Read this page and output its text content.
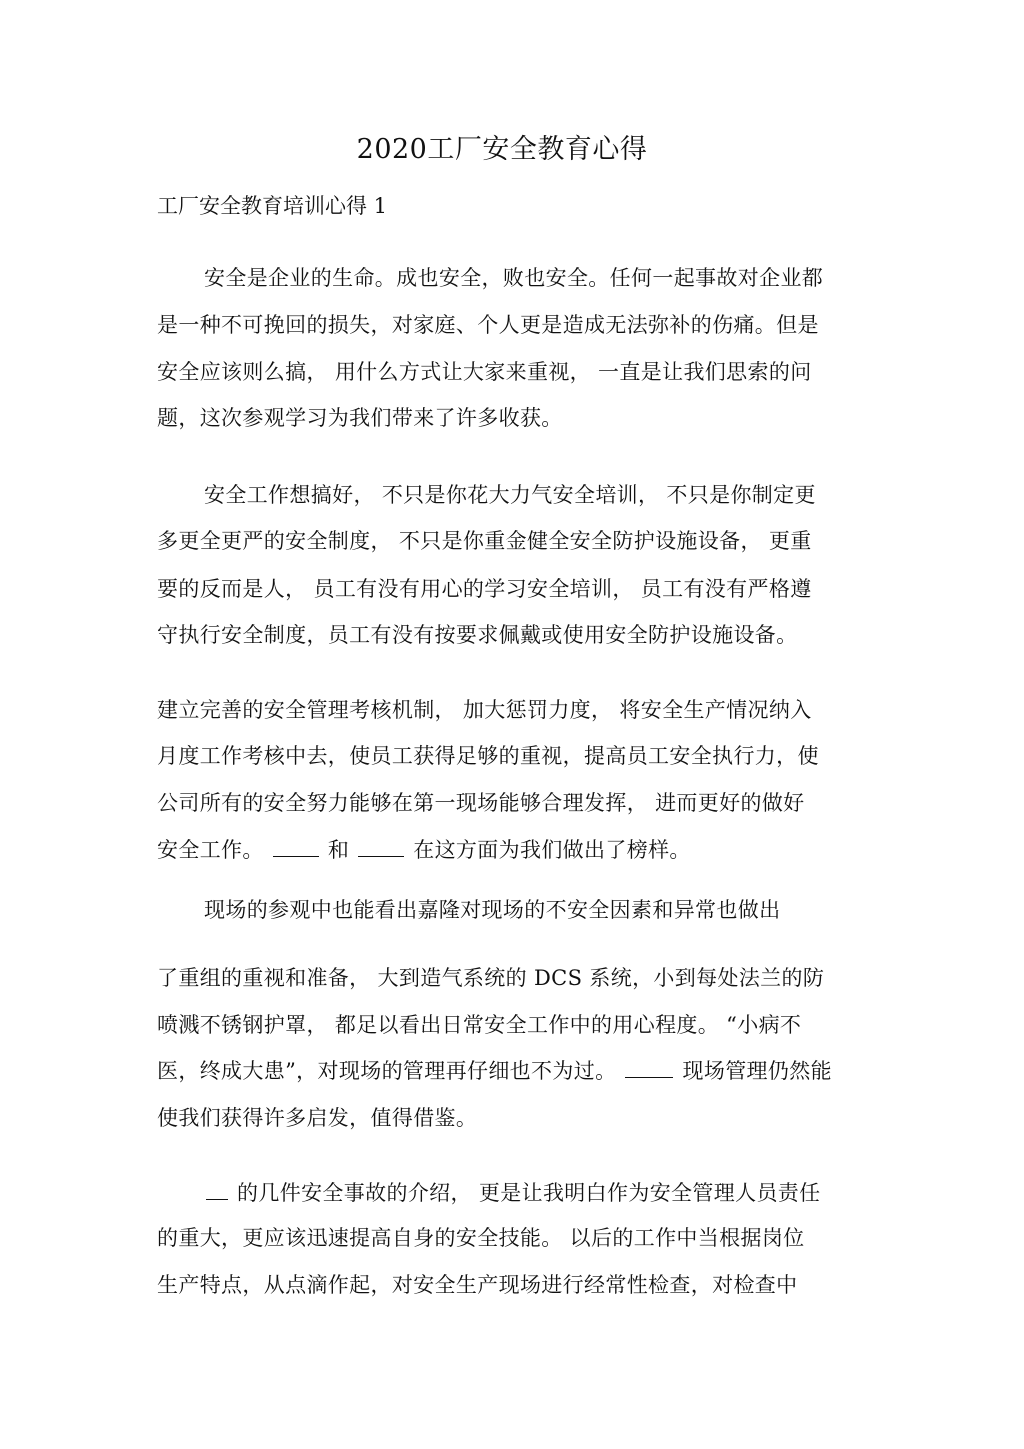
2020工厂安全教育心得
工厂安全教育培训心得 1
安全是企业的生命。成也安全，败也安全。任何一起事故对企业都
是一种不可挽回的损失，对家庭、个人更是造成无法弥补的伤痛。但是
安全应该则么搞， 用什么方式让大家来重视， 一直是让我们思索的问
题，这次参观学习为我们带来了许多收获。
安全工作想搞好， 不只是你花大力气安全培训， 不只是你制定更
多更全更严的安全制度， 不只是你重金健全安全防护设施设备， 更重
要的反而是人， 员工有没有用心的学习安全培训， 员工有没有严格遵
守执行安全制度，员工有没有按要求佩戴或使用安全防护设施设备。
建立完善的安全管理考核机制， 加大惩罚力度， 将安全生产情况纳入
月度工作考核中去，使员工获得足够的重视，提高员工安全执行力，使
公司所有的安全努力能够在第一现场能够合理发挥， 进而更好的做好
安全工作。	和	在这方面为我们做出了榜样。
现场的参观中也能看出嘉隆对现场的不安全因素和异常也做出
了重组的重视和准备， 大到造气系统的 DCS 系统，小到每处法兰的防
喷溅不锈钢护罩， 都足以看出日常安全工作中的用心程度。 “小病不
医，终成大患”，对现场的管理再仔细也不为过。	现场管理仍然能
使我们获得许多启发，值得借鉴。
的几件安全事故的介绍， 更是让我明白作为安全管理人员责任
的重大，更应该迅速提高自身的安全技能。 以后的工作中当根据岗位
生产特点，从点滴作起，对安全生产现场进行经常性检查，对检查中
